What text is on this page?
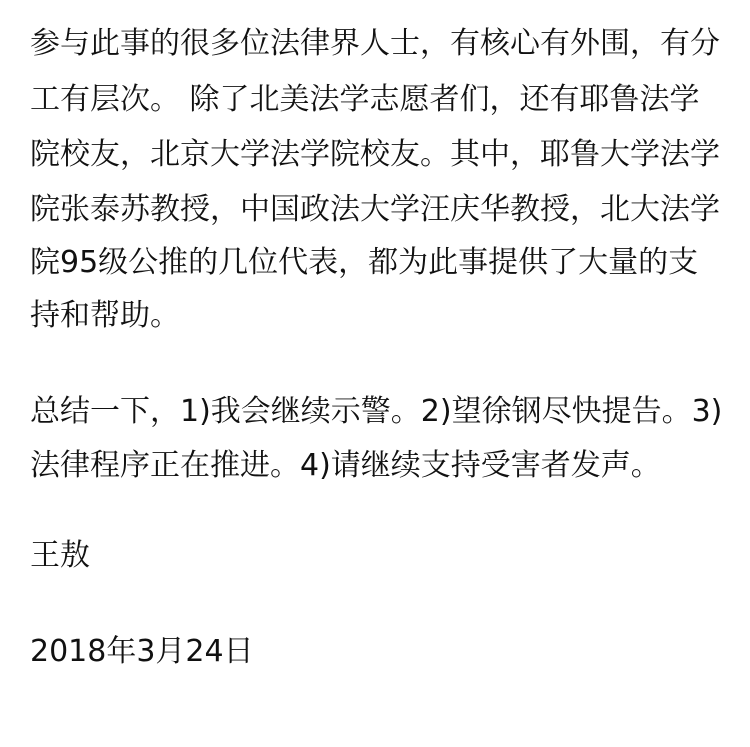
参与此事的很多位法律界人士，有核心有外围，有分
工有层次。 除了北美法学志愿者们，还有耶鲁法学
院校友，北京大学法学院校友。其中，耶鲁大学法学
院张泰苏教授，中国政法大学汪庆华教授，北大法学
院95级公推的几位代表，都为此事提供了大量的支
持和帮助。
总结一下，1)我会继续示警。2)望徐钢尽快提告。3)
法律程序正在推进。4)请继续支持受害者发声。
王敖
2018年3月24日
